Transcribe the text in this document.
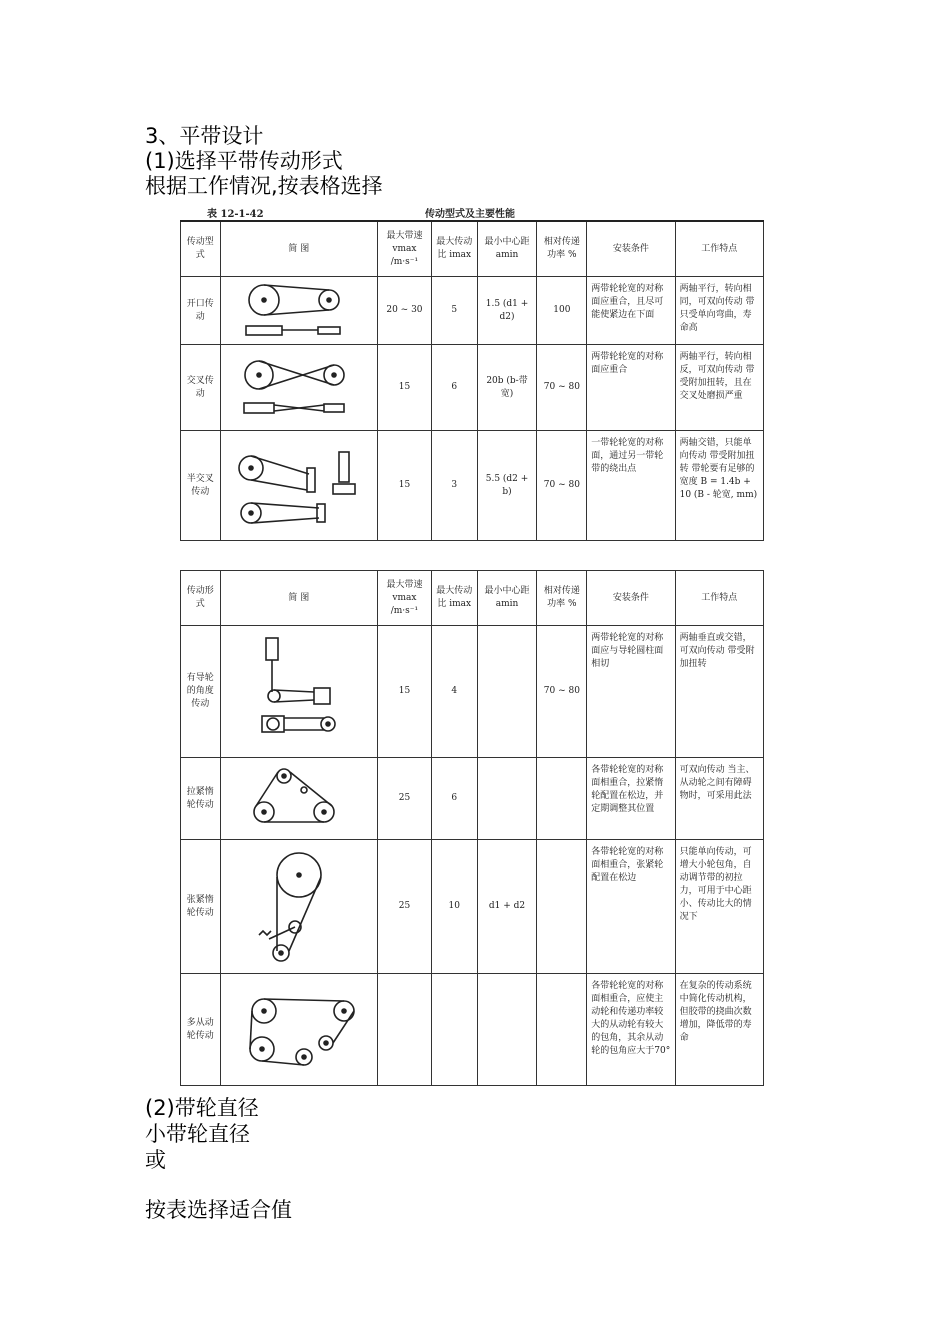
3、平带设计
(1)选择平带传动形式
根据工作情况,按表格选择
表 12-1-42	传动型式及主要性能
传动型式	简 图	最大带速 vmax /m·s⁻¹	最大传动比 imax	最小中心距 amin	相对传递功率 %	安装条件	工作特点
开口传动		20 ~ 30	5	1.5 (d1 + d2)	100	两带轮轮宽的对称面应重合，且尽可能使紧边在下面	两轴平行，转向相同，可双向传动 带只受单向弯曲，寿命高
交叉传动		15	6	20b (b-带宽)	70 ~ 80	两带轮轮宽的对称面应重合	两轴平行，转向相反，可双向传动 带受附加扭转，且在交叉处磨损严重
半交叉传动		15	3	5.5 (d2 + b)	70 ~ 80	一带轮轮宽的对称面，通过另一带轮带的绕出点	两轴交错，只能单向传动 带受附加扭转 带轮要有足够的宽度 B = 1.4b + 10 (B - 轮宽, mm)
传动形式	简 图	最大带速 vmax /m·s⁻¹	最大传动比 imax	最小中心距 amin	相对传递功率 %	安装条件	工作特点
有导轮的角度传动		15	4		70 ~ 80	两带轮轮宽的对称面应与导轮圆柱面相切	两轴垂直或交错，可双向传动 带受附加扭转
拉紧惰轮传动		25	6			各带轮轮宽的对称面相重合，拉紧惰轮配置在松边，并定期调整其位置	可双向传动 当主、从动轮之间有障碍物时，可采用此法
张紧惰轮传动		25	10	d1 + d2		各带轮轮宽的对称面相重合，张紧轮配置在松边	只能单向传动，可增大小轮包角，自动调节带的初拉力，可用于中心距小、传动比大的情况下
多从动轮传动						各带轮轮宽的对称面相重合，应使主动轮和传递功率较大的从动轮有较大的包角，其余从动轮的包角应大于70°	在复杂的传动系统中简化传动机构，但胶带的挠曲次数增加，降低带的寿命
(2)带轮直径
小带轮直径
或
按表选择适合值
